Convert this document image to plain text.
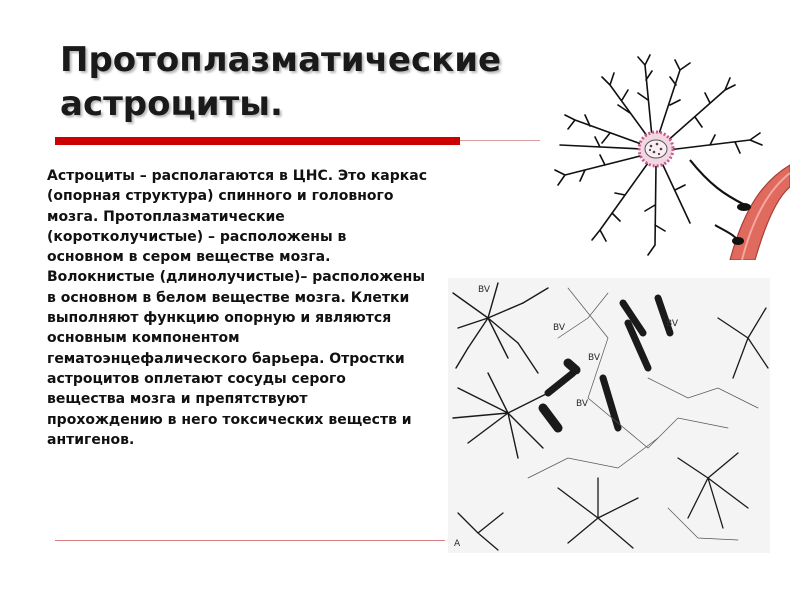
Протоплазматические
астроциты.

Астроциты – располагаются в ЦНС. Это каркас (опорная структура) спинного и головного мозга. Протоплазматические (коротколучистые) – расположены в основном в сером веществе мозга. Волокнистые (длинолучистые)– расположены в основном в белом веществе мозга. Клетки выполняют функцию опорную и являются основным компонентом гематоэнцефалического барьера. Отростки астроцитов оплетают сосуды серого вещества мозга и препятствуют прохождению в него токсических веществ и антигенов.

BV
BV
BV
BV
BV
A
